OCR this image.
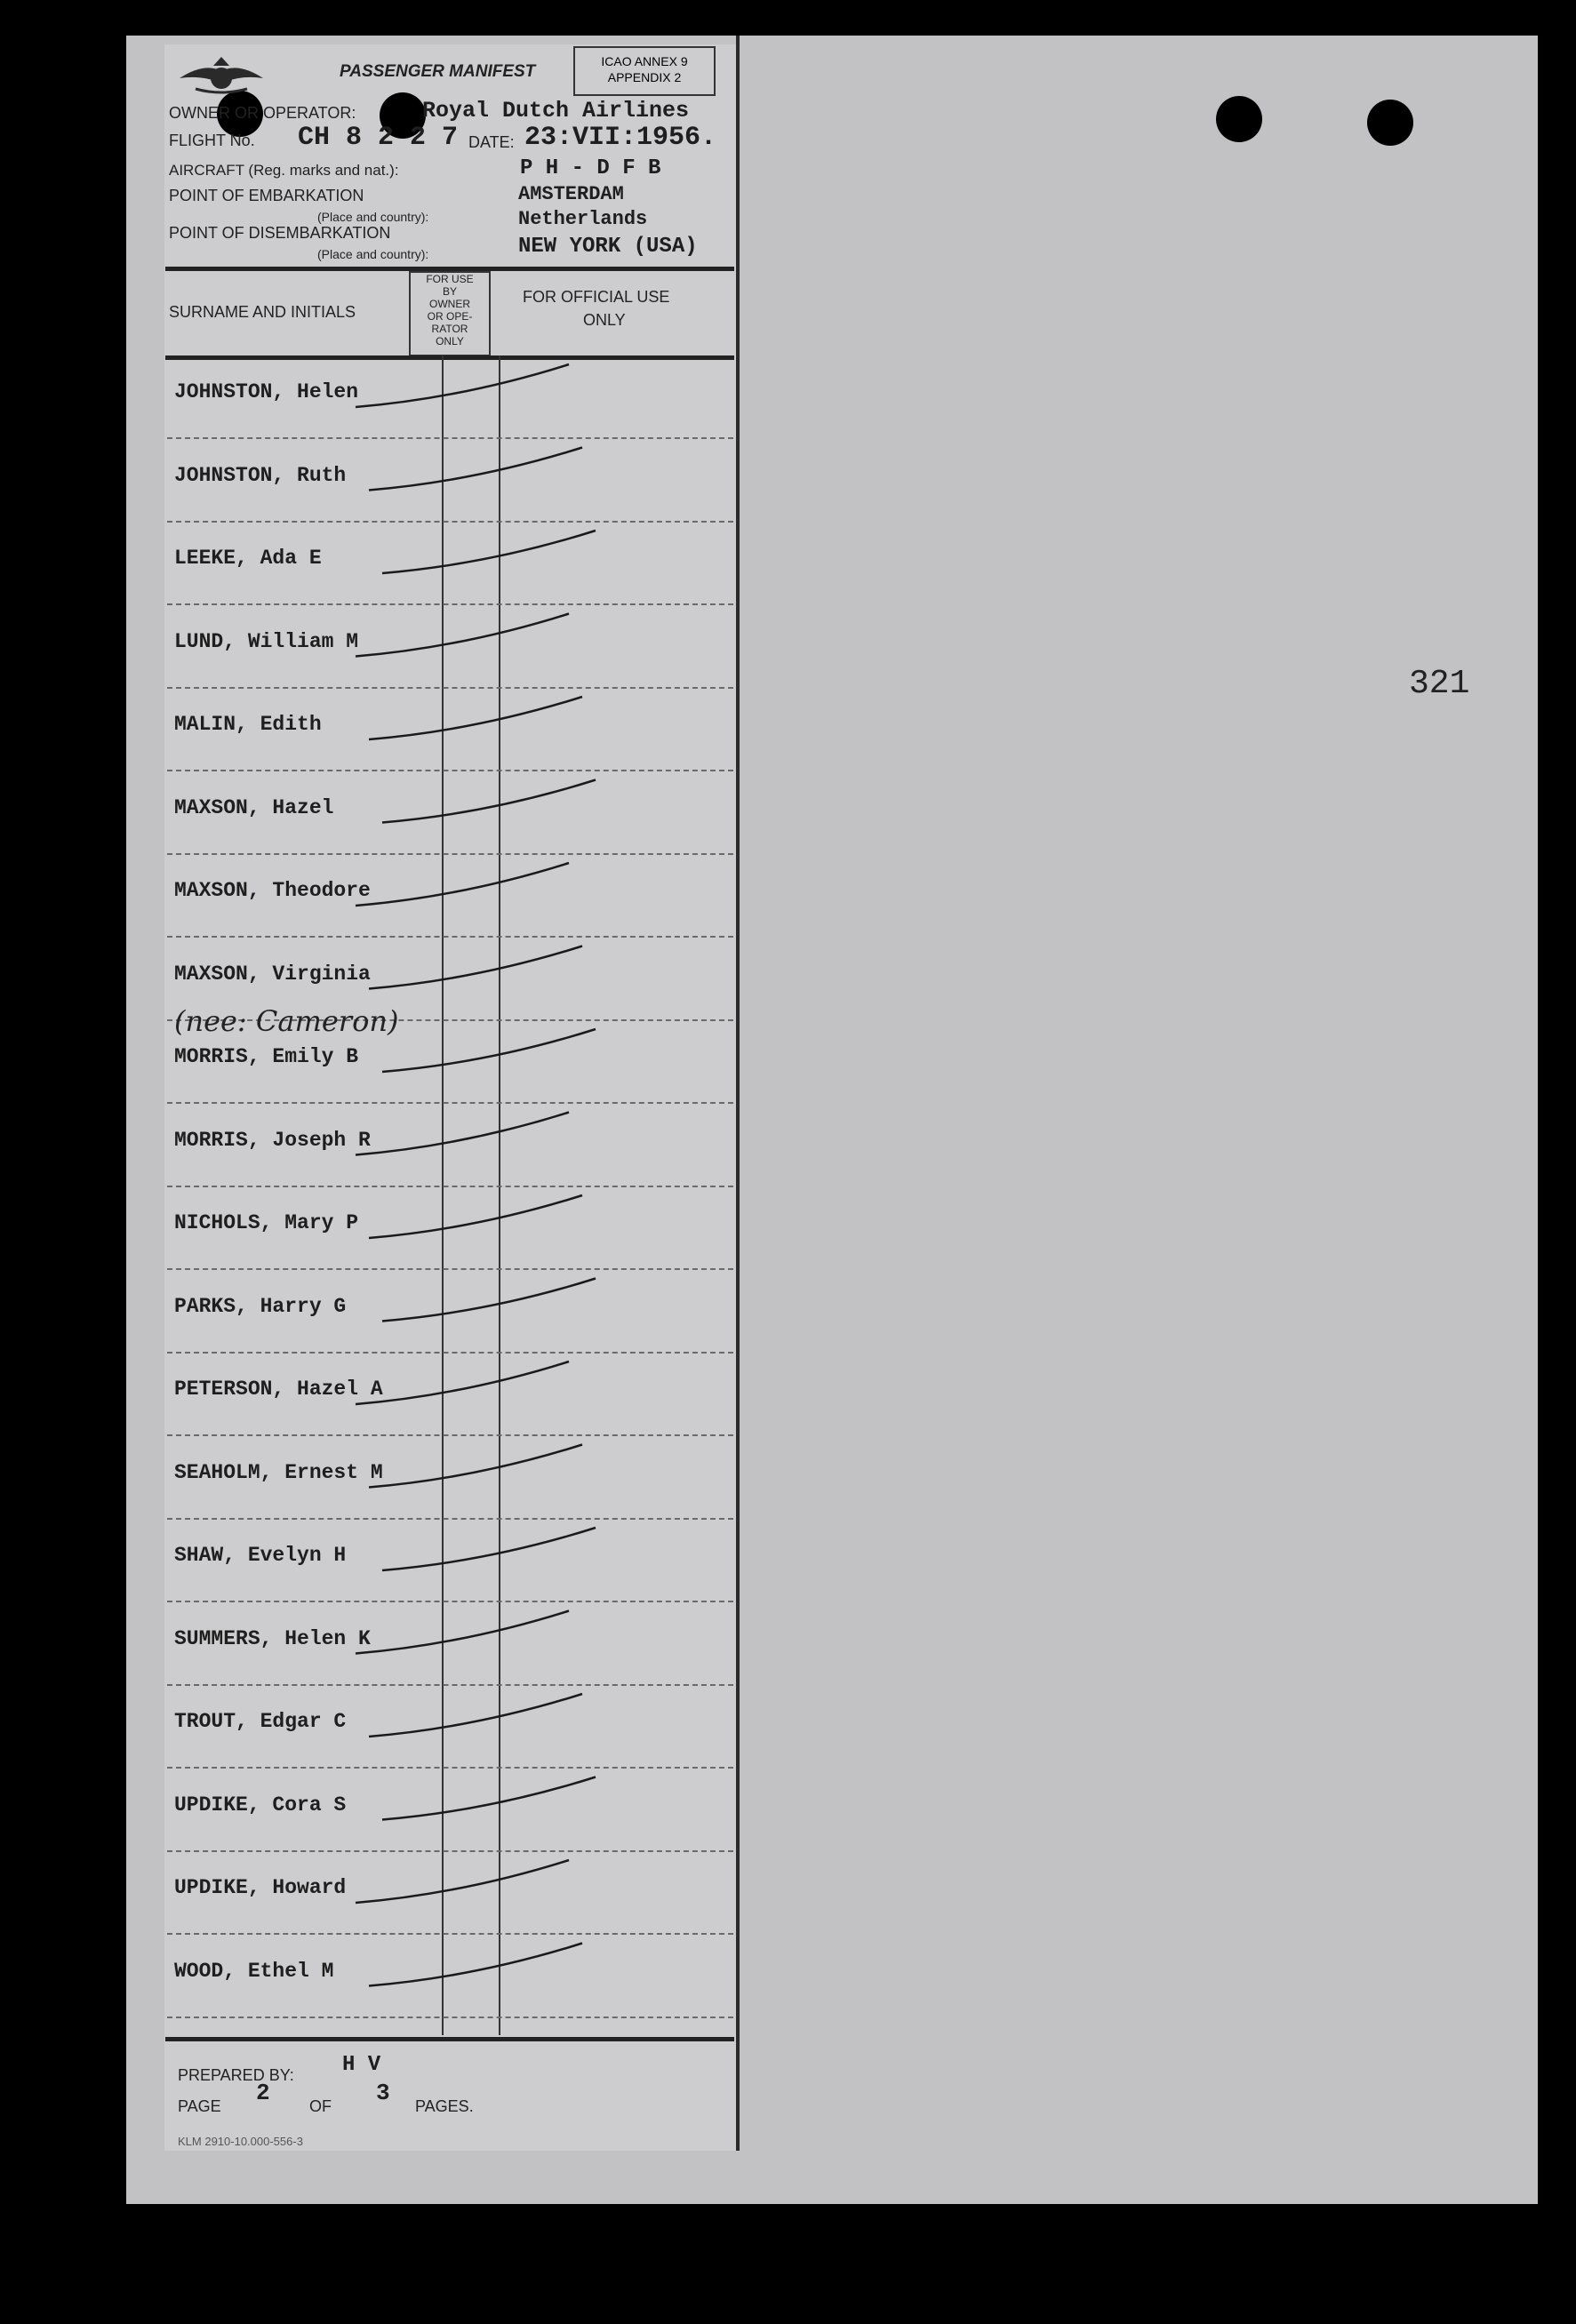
PASSENGER MANIFEST
ICAO ANNEX 9
APPENDIX 2
OWNER OR OPERATOR:	Royal Dutch Airlines
FLIGHT No. CH 8 2 2 7 DATE: 23:VII:1956.
AIRCRAFT (Reg. marks and nat.):	P H - D F B
POINT OF EMBARKATION	AMSTERDAM
(Place and country):	Netherlands
POINT OF DISEMBARKATION
(Place and country):	NEW YORK (USA)
SURNAME AND INITIALS
FOR USE
BY
OWNER
OR OPE-
RATOR
ONLY
FOR OFFICIAL USE
ONLY
JOHNSTON, Helen
JOHNSTON, Ruth
LEEKE, Ada E
LUND, William M
MALIN, Edith
MAXSON, Hazel
MAXSON, Theodore
MAXSON, Virginia
MORRIS, Emily B
MORRIS, Joseph R
NICHOLS, Mary P
PARKS, Harry G
PETERSON, Hazel A
SEAHOLM, Ernest M
SHAW, Evelyn H
SUMMERS, Helen K
TROUT, Edgar C
UPDIKE, Cora S
UPDIKE, Howard
WOOD, Ethel M
(nee: Cameron)
PREPARED BY: H V
PAGE 2 OF 3 PAGES.
KLM 2910-10.000-556-3
321
